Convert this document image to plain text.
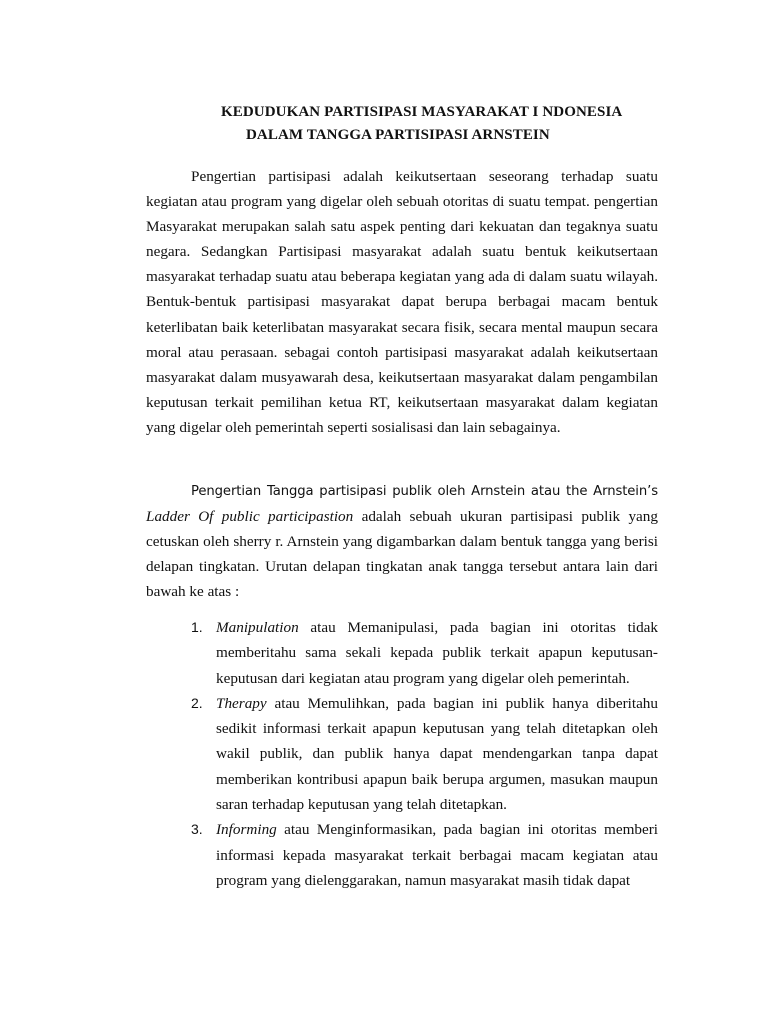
KEDUDUKAN PARTISIPASI MASYARAKAT I NDONESIA
DALAM TANGGA PARTISIPASI ARNSTEIN

Pengertian partisipasi adalah keikutsertaan seseorang terhadap suatu kegiatan atau program yang digelar oleh sebuah otoritas di suatu tempat. pengertian Masyarakat merupakan salah satu aspek penting dari kekuatan dan tegaknya suatu negara. Sedangkan Partisipasi masyarakat adalah suatu bentuk keikutsertaan masyarakat terhadap suatu atau beberapa kegiatan yang ada di dalam suatu wilayah. Bentuk-bentuk partisipasi masyarakat dapat berupa berbagai macam bentuk keterlibatan baik keterlibatan masyarakat secara fisik, secara mental maupun secara moral atau perasaan. sebagai contoh partisipasi masyarakat adalah keikutsertaan masyarakat dalam musyawarah desa, keikutsertaan masyarakat dalam pengambilan keputusan terkait pemilihan ketua RT, keikutsertaan masyarakat dalam kegiatan yang digelar oleh pemerintah seperti sosialisasi dan lain sebagainya.

Pengertian Tangga partisipasi publik oleh Arnstein atau the Arnstein’s Ladder Of public participastion adalah sebuah ukuran partisipasi publik yang cetuskan oleh sherry r. Arnstein yang digambarkan dalam bentuk tangga yang berisi delapan tingkatan. Urutan delapan tingkatan anak tangga tersebut antara lain dari bawah ke atas :

1. Manipulation atau Memanipulasi, pada bagian ini otoritas tidak memberitahu sama sekali kepada publik terkait apapun keputusan-keputusan dari kegiatan atau program yang digelar oleh pemerintah.
2. Therapy atau Memulihkan, pada bagian ini publik hanya diberitahu sedikit informasi terkait apapun keputusan yang telah ditetapkan oleh wakil publik, dan publik hanya dapat mendengarkan tanpa dapat memberikan kontribusi apapun baik berupa argumen, masukan maupun saran terhadap keputusan yang telah ditetapkan.
3. Informing atau Menginformasikan, pada bagian ini otoritas memberi informasi kepada masyarakat terkait berbagai macam kegiatan atau program yang dielenggarakan, namun masyarakat masih tidak dapat
